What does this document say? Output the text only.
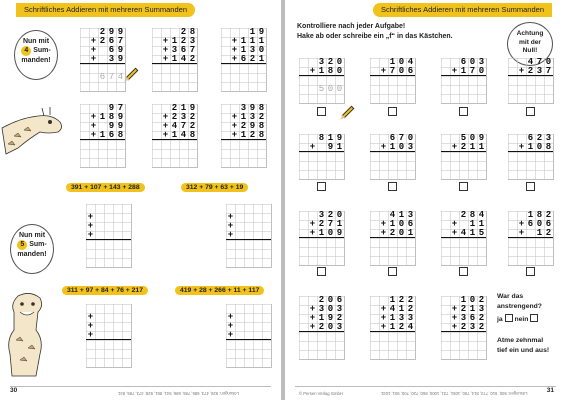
Schriftliches Addieren mit mehreren Summanden
Nun mit
4 Sum-
manden!
Nun mit
5 Sum-
manden!
391 + 107 + 143 + 288	312 + 79 + 63 + 19
311 + 97 + 84 + 76 + 217	419 + 28 + 266 + 11 + 117
30	Lösungen: 929, 473, 685, 785, 686, 941, 851, 928, 473, 785, 841
2 9 9
+ 2 6 7
+ 6 9
+ 3 9
6 7 4
2 8
+ 1 2 3
+ 3 6 7
+ 1 4 2
1 9
+ 1 1 1
+ 1 3 0
+ 6 2 1
9 7
+ 1 8 9
+ 9 9
+ 1 6 8
2 1 9
+ 2 3 2
+ 4 7 2
+ 1 4 8
3 9 8
+ 1 3 2
+ 2 9 8
+ 1 2 8
+
+
+
+
+
+
+
+
+
+
+
+
Schriftliches Addieren mit mehreren Summanden
Kontrolliere nach jeder Aufgabe!
Hake ab oder schreibe ein „f“ in das Kästchen.	Achtung
mit der
Null!
War das
anstrengend?
ja nein
Atme zehnmal
tief ein und aus!
© Persen Verlag GmbH	Lösungen: 500, 910, 773, 814, 700, 1051, 731, 1000, 860, 720, 700, 901, 1031	31
3 2 0
+ 1 8 0
5 0 0
1 0 4
+ 7 0 6
6 0 3
+ 1 7 0
4 7 0
+ 2 3 7
8 1 9
+ 9 1
6 7 0
+ 1 0 3
5 0 9
+ 2 1 1
6 2 3
+ 1 0 8
3 2 0
+ 2 7 1
+ 1 0 9
4 1 3
+ 1 0 6
+ 2 0 1
2 8 4
+ 1 1
+ 4 1 5
1 8 2
+ 6 0 6
+ 1 2
2 0 6
+ 3 0 3
+ 1 9 2
+ 2 0 3
1 2 2
+ 4 1 2
+ 1 3 3
+ 1 2 4
1 0 2
+ 2 1 3
+ 3 6 2
+ 2 3 2
